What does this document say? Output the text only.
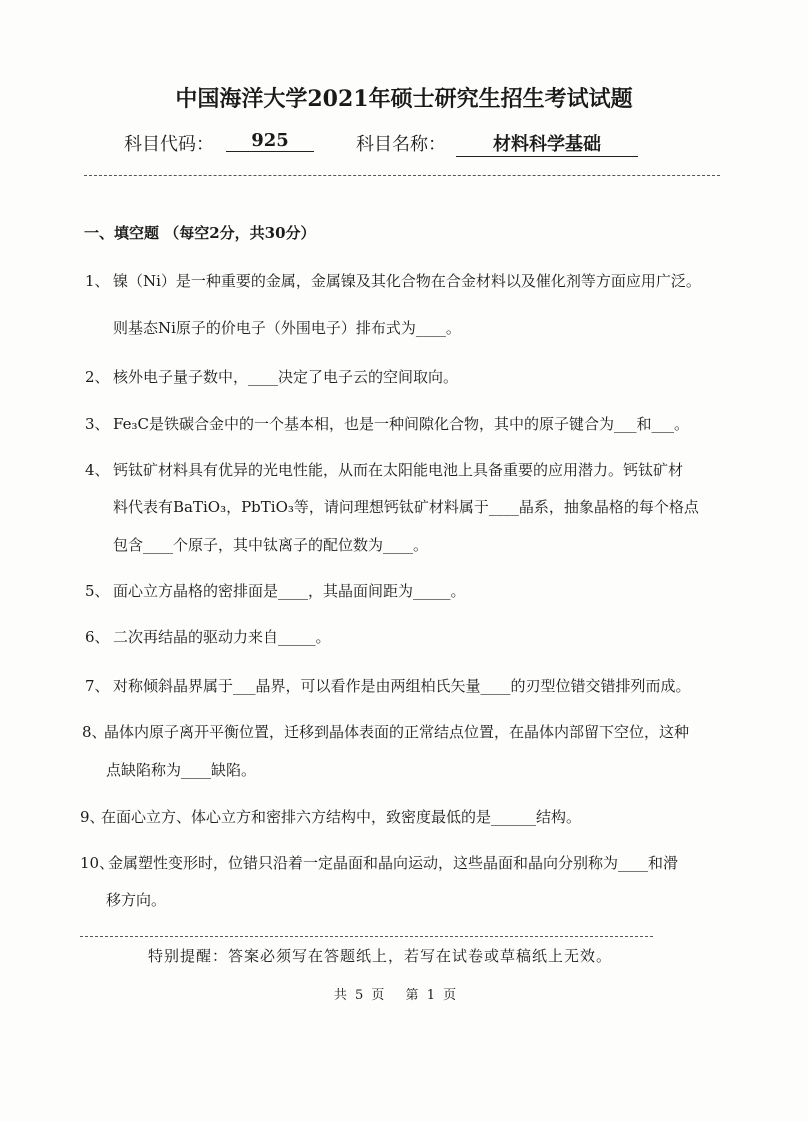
中国海洋大学2021年硕士研究生招生考试试题
科目代码：	925	科目名称：	材料科学基础
一、填空题 （每空2分，共30分）
1、 镍（Ni）是一种重要的金属，金属镍及其化合物在合金材料以及催化剂等方面应用广泛。
则基态Ni原子的价电子（外围电子）排布式为____。
2、 核外电子量子数中，____决定了电子云的空间取向。
3、 Fe₃C是铁碳合金中的一个基本相，也是一种间隙化合物，其中的原子键合为___和___。
4、 钙钛矿材料具有优异的光电性能，从而在太阳能电池上具备重要的应用潜力。钙钛矿材
料代表有BaTiO₃，PbTiO₃等，请问理想钙钛矿材料属于____晶系，抽象晶格的每个格点
包含____个原子，其中钛离子的配位数为____。
5、 面心立方晶格的密排面是____，其晶面间距为_____。
6、 二次再结晶的驱动力来自_____。
7、 对称倾斜晶界属于___晶界，可以看作是由两组柏氏矢量____的刃型位错交错排列而成。
8、
晶体内原子离开平衡位置，迁移到晶体表面的正常结点位置，在晶体内部留下空位，这种
点缺陷称为____缺陷。
9、
在面心立方、体心立方和密排六方结构中，致密度最低的是______结构。
10、
金属塑性变形时，位错只沿着一定晶面和晶向运动，这些晶面和晶向分别称为____和滑
移方向。
特别提醒：答案必须写在答题纸上，若写在试卷或草稿纸上无效。
共 5 页　 第 1 页
